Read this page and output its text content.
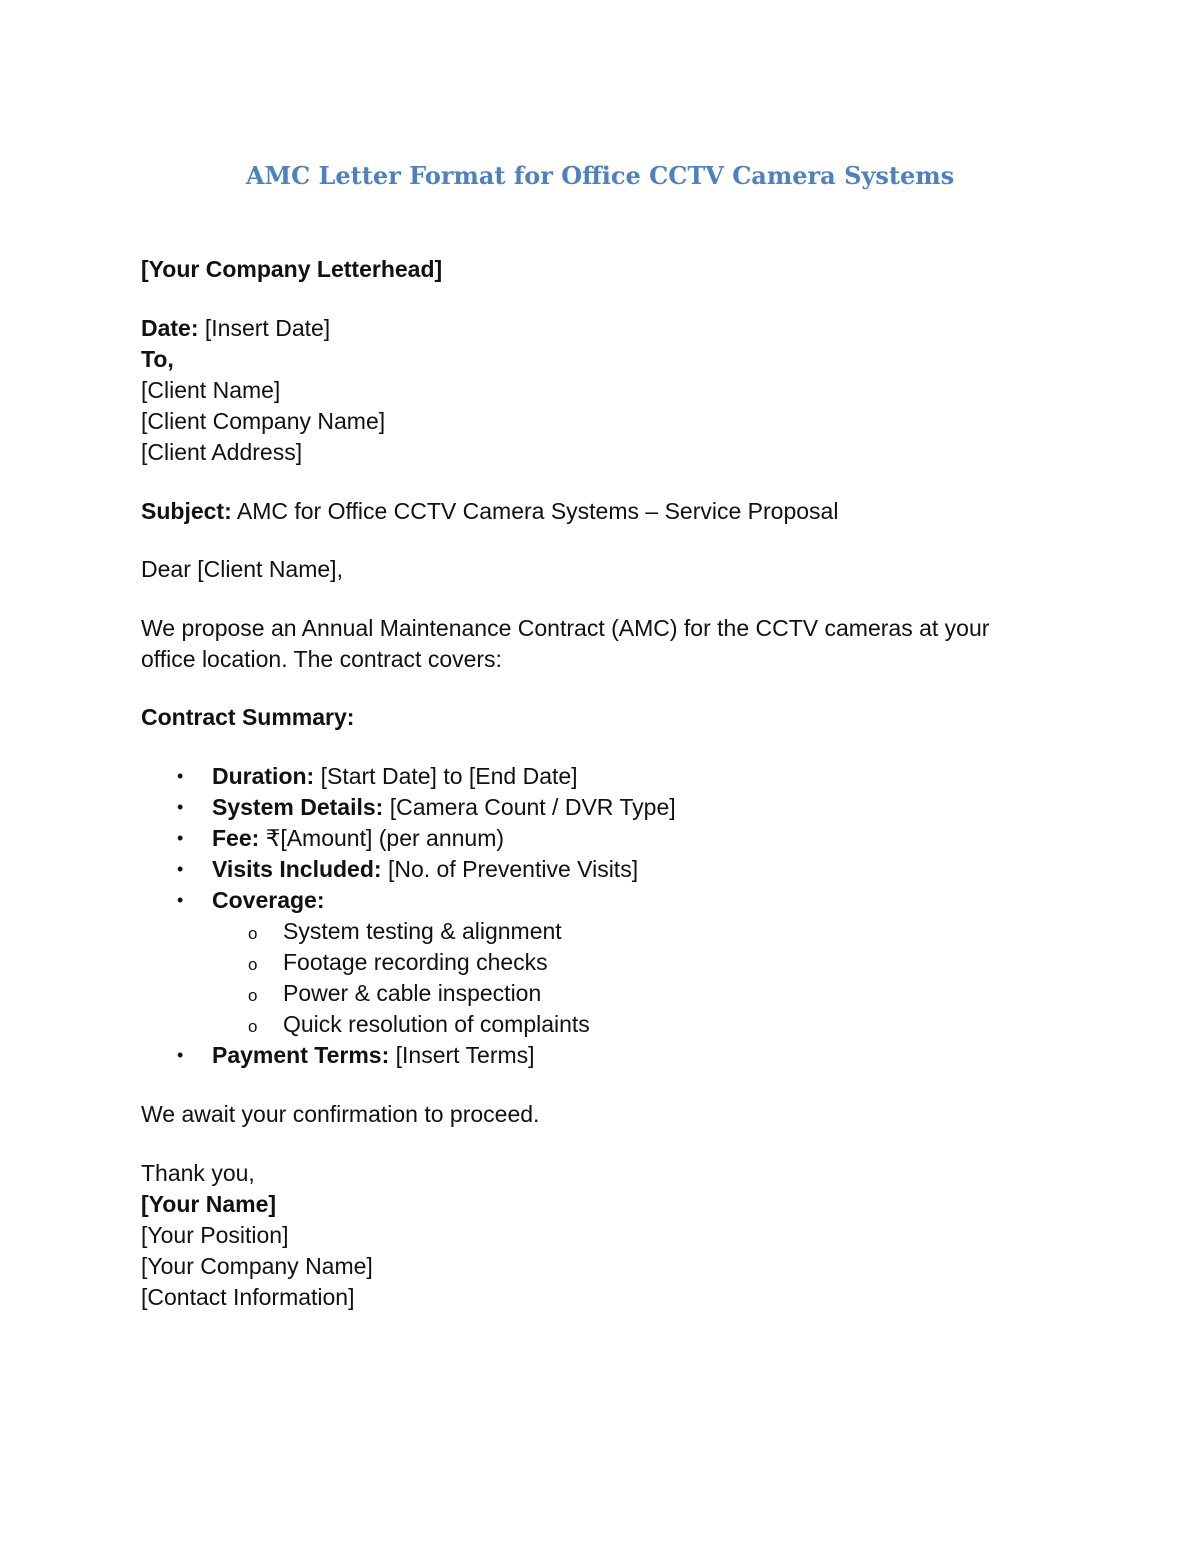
AMC Letter Format for Office CCTV Camera Systems
[Your Company Letterhead]
Date: [Insert Date]
To,
[Client Name]
[Client Company Name]
[Client Address]
Subject: AMC for Office CCTV Camera Systems – Service Proposal
Dear [Client Name],
We propose an Annual Maintenance Contract (AMC) for the CCTV cameras at your
office location. The contract covers:
Contract Summary:
• Duration: [Start Date] to [End Date]
• System Details: [Camera Count / DVR Type]
• Fee: ₹[Amount] (per annum)
• Visits Included: [No. of Preventive Visits]
• Coverage:
o System testing & alignment
o Footage recording checks
o Power & cable inspection
o Quick resolution of complaints
• Payment Terms: [Insert Terms]
We await your confirmation to proceed.
Thank you,
[Your Name]
[Your Position]
[Your Company Name]
[Contact Information]
